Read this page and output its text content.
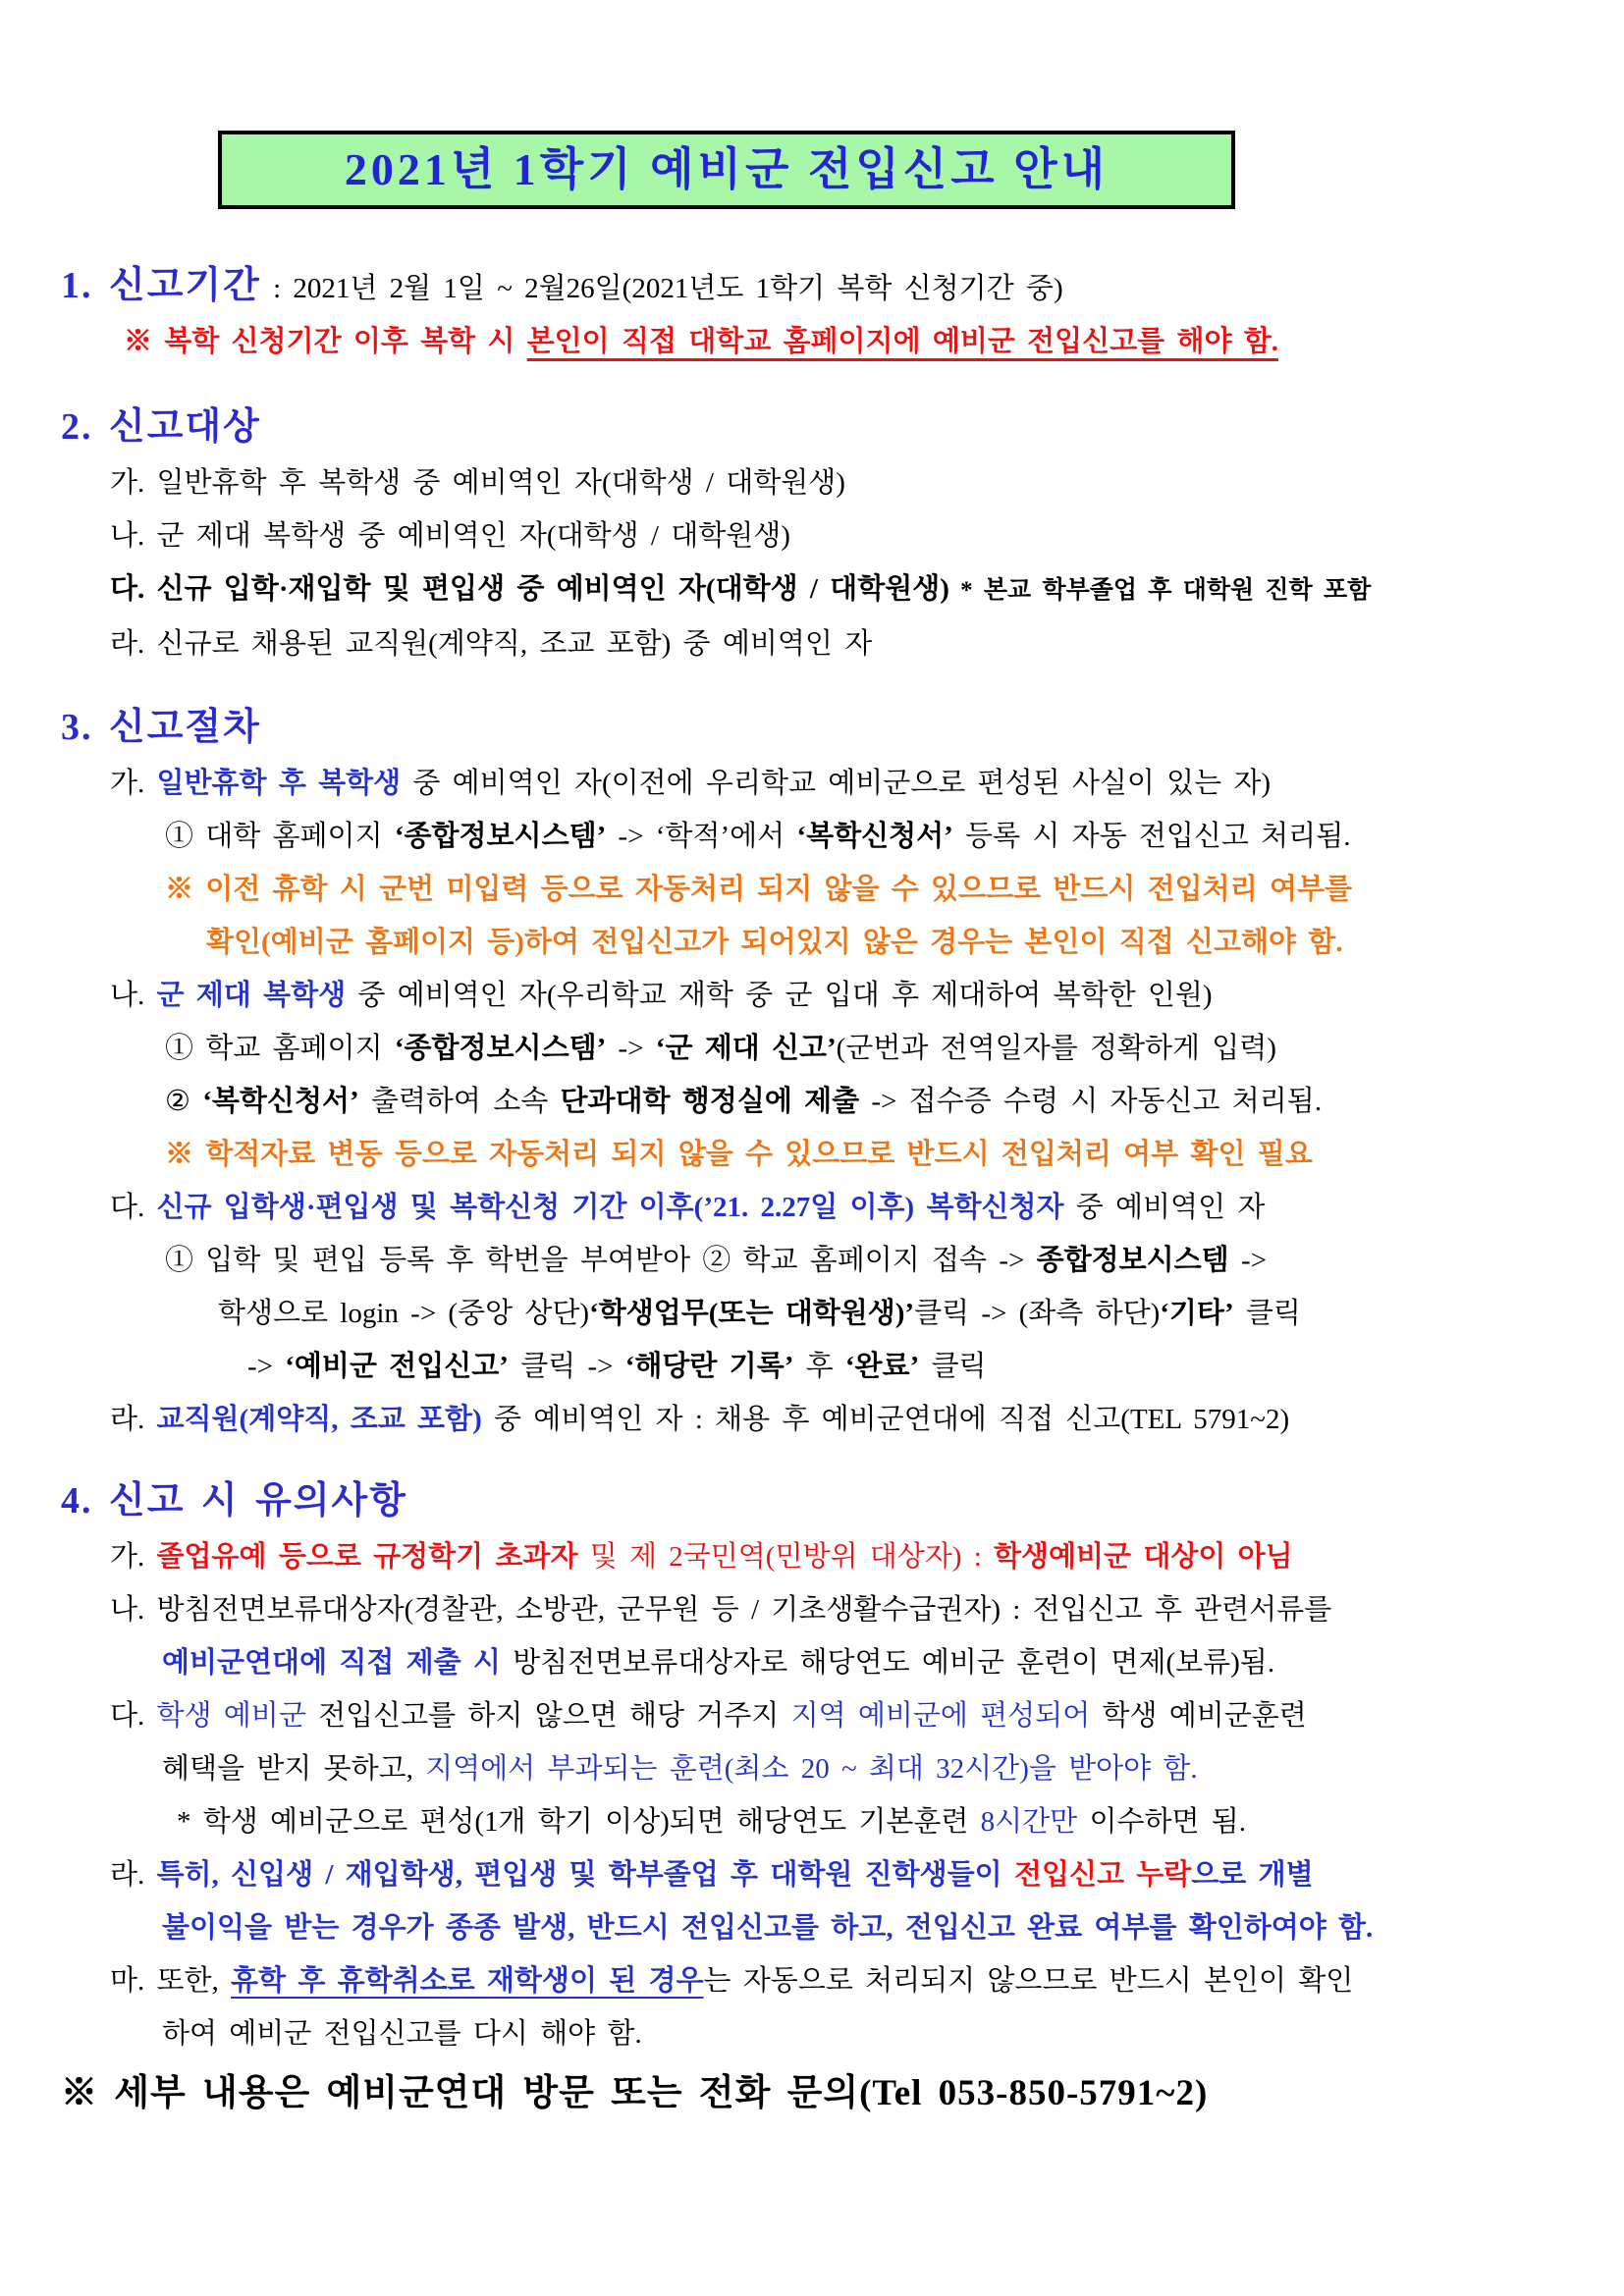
2021년 1학기 예비군 전입신고 안내
1. 신고기간 : 2021년 2월 1일 ~ 2월26일(2021년도 1학기 복학 신청기간 중)
※ 복학 신청기간 이후 복학 시 본인이 직접 대학교 홈페이지에 예비군 전입신고를 해야 함.
2. 신고대상
가. 일반휴학 후 복학생 중 예비역인 자(대학생 / 대학원생)
나. 군 제대 복학생 중 예비역인 자(대학생 / 대학원생)
다. 신규 입학·재입학 및 편입생 중 예비역인 자(대학생 / 대학원생) * 본교 학부졸업 후 대학원 진학 포함
라. 신규로 채용된 교직원(계약직, 조교 포함) 중 예비역인 자
3. 신고절차
가. 일반휴학 후 복학생 중 예비역인 자(이전에 우리학교 예비군으로 편성된 사실이 있는 자)
① 대학 홈페이지 ‘종합정보시스템’ -> ‘학적’에서 ‘복학신청서’ 등록 시 자동 전입신고 처리됨.
※ 이전 휴학 시 군번 미입력 등으로 자동처리 되지 않을 수 있으므로 반드시 전입처리 여부를
확인(예비군 홈페이지 등)하여 전입신고가 되어있지 않은 경우는 본인이 직접 신고해야 함.
나. 군 제대 복학생 중 예비역인 자(우리학교 재학 중 군 입대 후 제대하여 복학한 인원)
① 학교 홈페이지 ‘종합정보시스템’ -> ‘군 제대 신고’(군번과 전역일자를 정확하게 입력)
② ‘복학신청서’ 출력하여 소속 단과대학 행정실에 제출 -> 접수증 수령 시 자동신고 처리됨.
※ 학적자료 변동 등으로 자동처리 되지 않을 수 있으므로 반드시 전입처리 여부 확인 필요
다. 신규 입학생·편입생 및 복학신청 기간 이후(’21. 2.27일 이후) 복학신청자 중 예비역인 자
① 입학 및 편입 등록 후 학번을 부여받아 ② 학교 홈페이지 접속 -> 종합정보시스템 ->
학생으로 login -> (중앙 상단)‘학생업무(또는 대학원생)’클릭 -> (좌측 하단)‘기타’ 클릭
-> ‘예비군 전입신고’ 클릭 -> ‘해당란 기록’ 후 ‘완료’ 클릭
라. 교직원(계약직, 조교 포함) 중 예비역인 자 : 채용 후 예비군연대에 직접 신고(TEL 5791~2)
4. 신고 시 유의사항
가. 졸업유예 등으로 규정학기 초과자 및 제 2국민역(민방위 대상자) : 학생예비군 대상이 아님
나. 방침전면보류대상자(경찰관, 소방관, 군무원 등 / 기초생활수급권자) : 전입신고 후 관련서류를
예비군연대에 직접 제출 시 방침전면보류대상자로 해당연도 예비군 훈련이 면제(보류)됨.
다. 학생 예비군 전입신고를 하지 않으면 해당 거주지 지역 예비군에 편성되어 학생 예비군훈련
혜택을 받지 못하고, 지역에서 부과되는 훈련(최소 20 ~ 최대 32시간)을 받아야 함.
* 학생 예비군으로 편성(1개 학기 이상)되면 해당연도 기본훈련 8시간만 이수하면 됨.
라. 특히, 신입생 / 재입학생, 편입생 및 학부졸업 후 대학원 진학생들이 전입신고 누락으로 개별
불이익을 받는 경우가 종종 발생, 반드시 전입신고를 하고, 전입신고 완료 여부를 확인하여야 함.
마. 또한, 휴학 후 휴학취소로 재학생이 된 경우는 자동으로 처리되지 않으므로 반드시 본인이 확인
하여 예비군 전입신고를 다시 해야 함.
※ 세부 내용은 예비군연대 방문 또는 전화 문의(Tel 053-850-5791~2)
